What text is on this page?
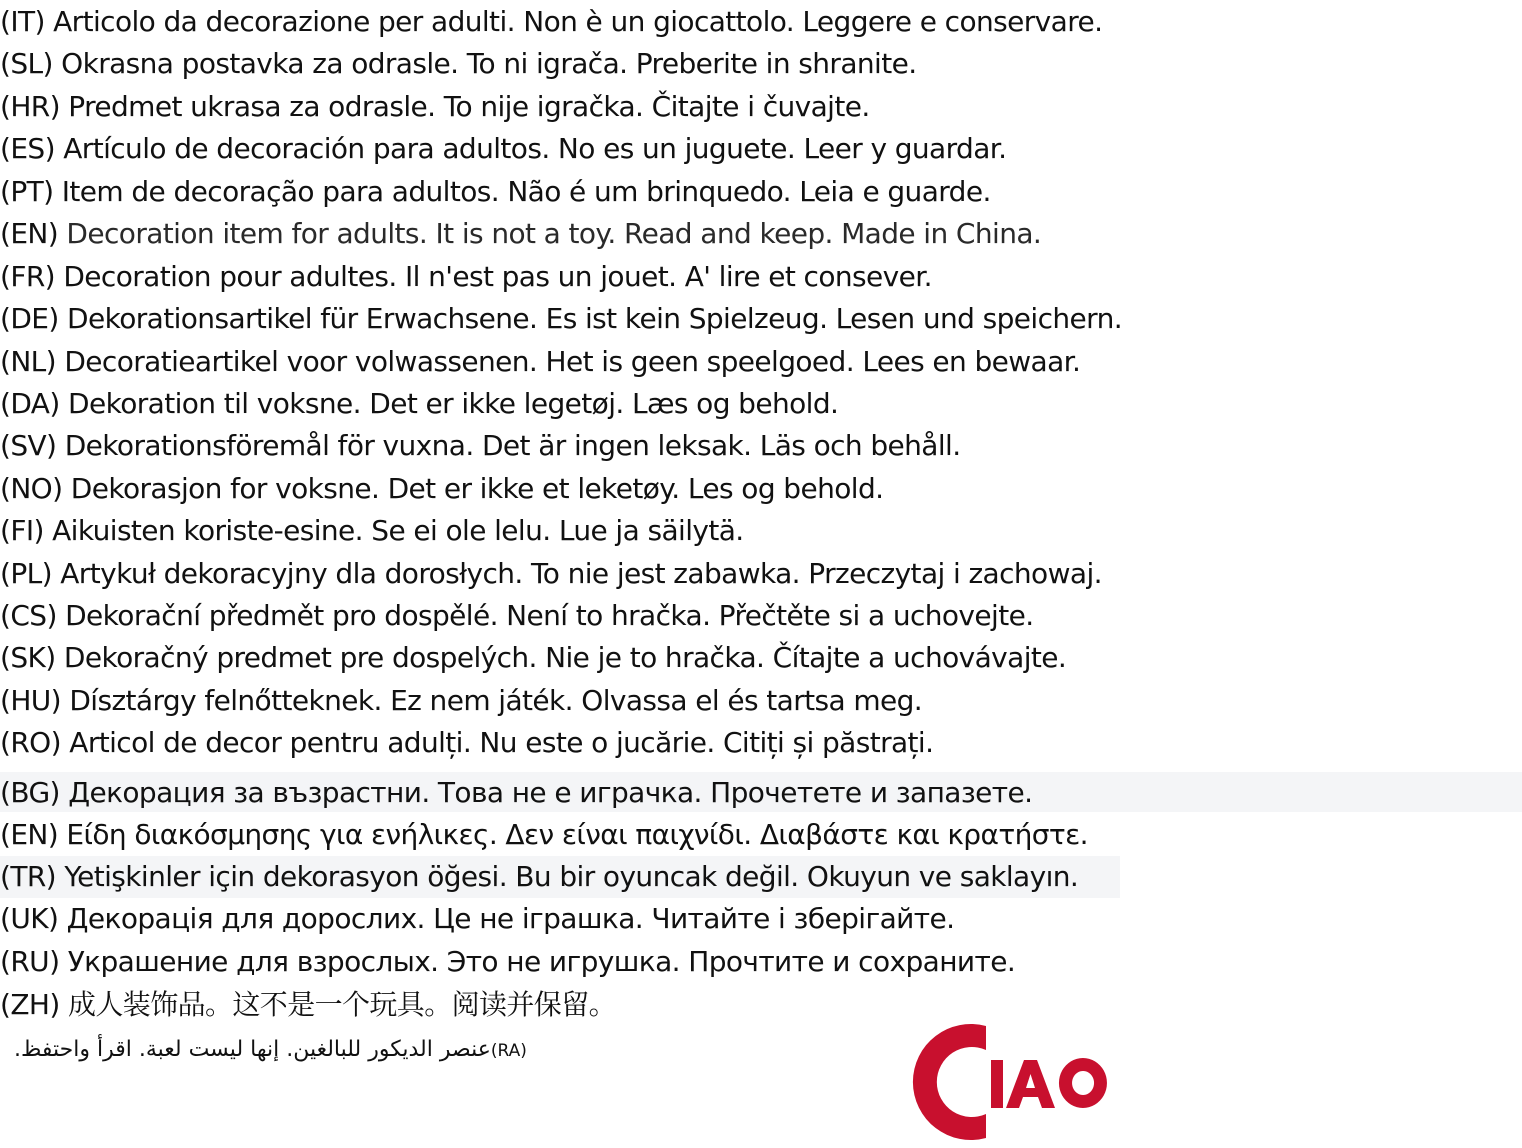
(IT) Articolo da decorazione per adulti. Non è un giocattolo. Leggere e conservare.
(SL) Okrasna postavka za odrasle. To ni igrača. Preberite in shranite.
(HR) Predmet ukrasa za odrasle. To nije igračka. Čitajte i čuvajte.
(ES) Artículo de decoración para adultos. No es un juguete. Leer y guardar.
(PT) Item de decoração para adultos. Não é um brinquedo. Leia e guarde.
(EN) Decoration item for adults. It is not a toy. Read and keep. Made in China.
(FR) Decoration pour adultes. Il n'est pas un jouet. A' lire et consever.
(DE) Dekorationsartikel für Erwachsene. Es ist kein Spielzeug. Lesen und speichern.
(NL) Decoratieartikel voor volwassenen. Het is geen speelgoed. Lees en bewaar.
(DA) Dekoration til voksne. Det er ikke legetøj. Læs og behold.
(SV) Dekorationsföremål för vuxna. Det är ingen leksak. Läs och behåll.
(NO) Dekorasjon for voksne. Det er ikke et leketøy. Les og behold.
(FI) Aikuisten koriste-esine. Se ei ole lelu. Lue ja säilytä.
(PL) Artykuł dekoracyjny dla dorosłych. To nie jest zabawka. Przeczytaj i zachowaj.
(CS) Dekorační předmět pro dospělé. Není to hračka. Přečtěte si a uchovejte.
(SK) Dekoračný predmet pre dospelých. Nie je to hračka. Čítajte a uchovávajte.
(HU) Dísztárgy felnőtteknek. Ez nem játék. Olvassa el és tartsa meg.
(RO) Articol de decor pentru adulți. Nu este o jucărie. Citiți și păstrați.
(BG) Декорация за възрастни. Това не е играчка. Прочетете и запазете.
(EN) Είδη διακόσμησης για ενήλικες. Δεν είναι παιχνίδι. Διαβάστε και κρατήστε.
(TR) Yetişkinler için dekorasyon öğesi. Bu bir oyuncak değil. Okuyun ve saklayın.
(UK) Декорація для дорослих. Це не іграшка. Читайте і зберігайте.
(RU) Украшение для взрослых. Это не игрушка. Прочтите и сохраните.
(ZH) 成人装饰品。这不是一个玩具。阅读并保留。
عنصر الديكور للبالغين. إنها ليست لعبة. اقرأ واحتفظ.(RA)
